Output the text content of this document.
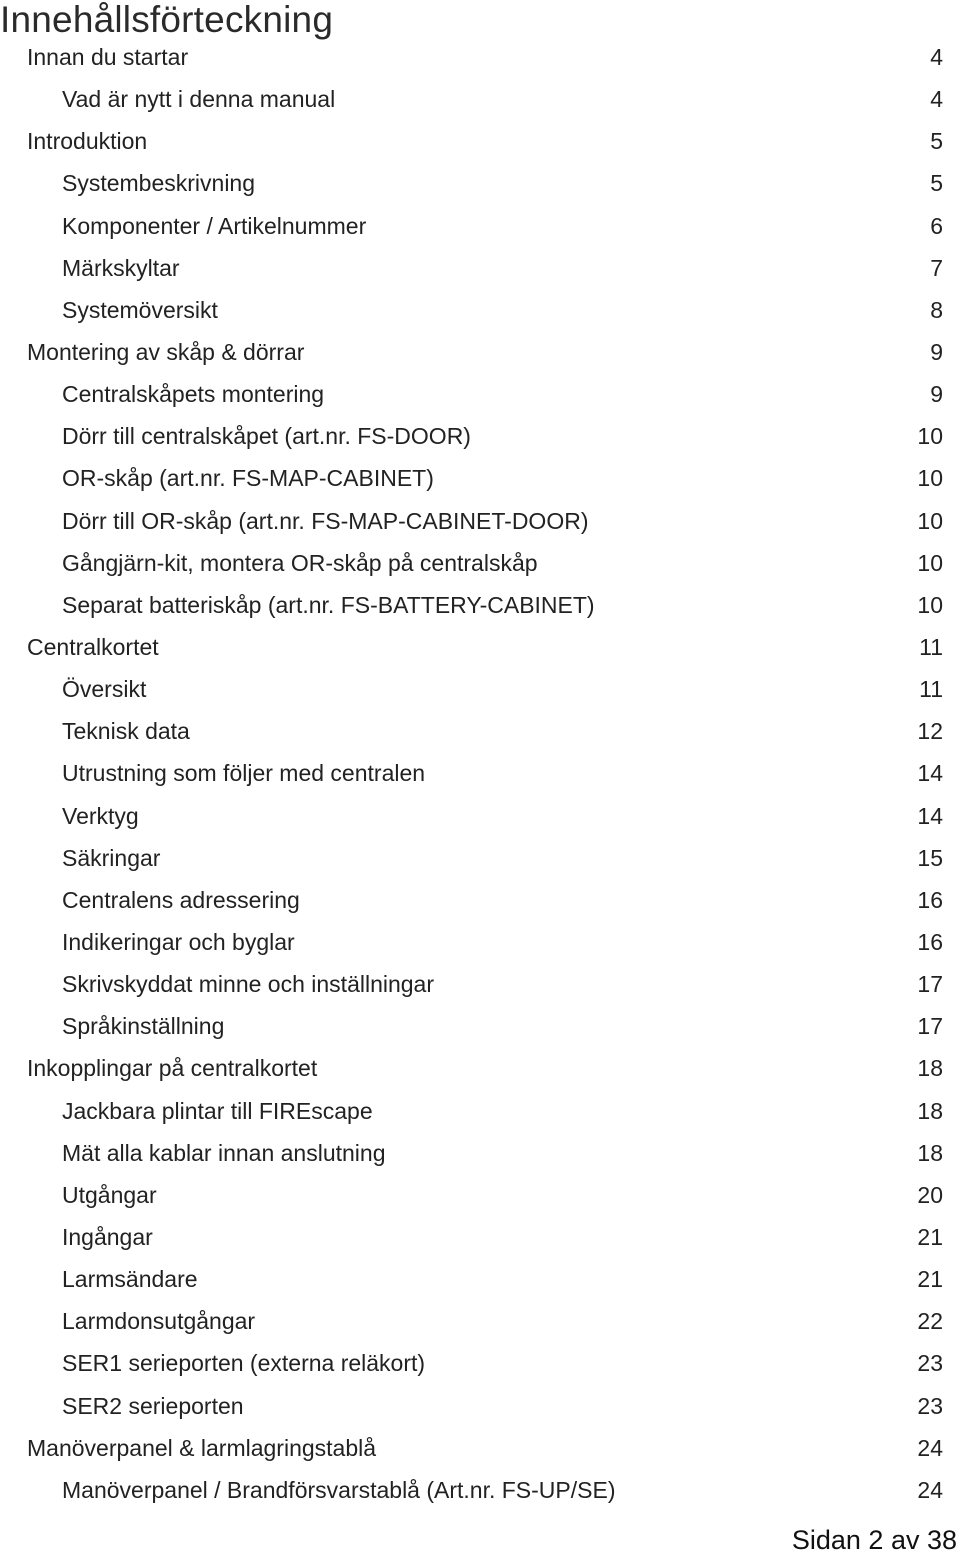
Innehållsförteckning
Innan du startar	4
Vad är nytt i denna manual	4
Introduktion	5
Systembeskrivning	5
Komponenter / Artikelnummer	6
Märkskyltar	7
Systemöversikt	8
Montering av skåp & dörrar	9
Centralskåpets montering	9
Dörr till centralskåpet (art.nr. FS-DOOR)	10
OR-skåp (art.nr. FS-MAP-CABINET)	10
Dörr till OR-skåp (art.nr. FS-MAP-CABINET-DOOR)	10
Gångjärn-kit, montera OR-skåp på centralskåp	10
Separat batteriskåp (art.nr. FS-BATTERY-CABINET)	10
Centralkortet	11
Översikt	11
Teknisk data	12
Utrustning som följer med centralen	14
Verktyg	14
Säkringar	15
Centralens adressering	16
Indikeringar och byglar	16
Skrivskyddat minne och inställningar	17
Språkinställning	17
Inkopplingar på centralkortet	18
Jackbara plintar till FIREscape	18
Mät alla kablar innan anslutning	18
Utgångar	20
Ingångar	21
Larmsändare	21
Larmdonsutgångar	22
SER1 serieporten (externa reläkort)	23
SER2 serieporten	23
Manöverpanel & larmlagringstablå	24
Manöverpanel / Brandförsvarstablå (Art.nr. FS-UP/SE)	24
Sidan 2 av 38
